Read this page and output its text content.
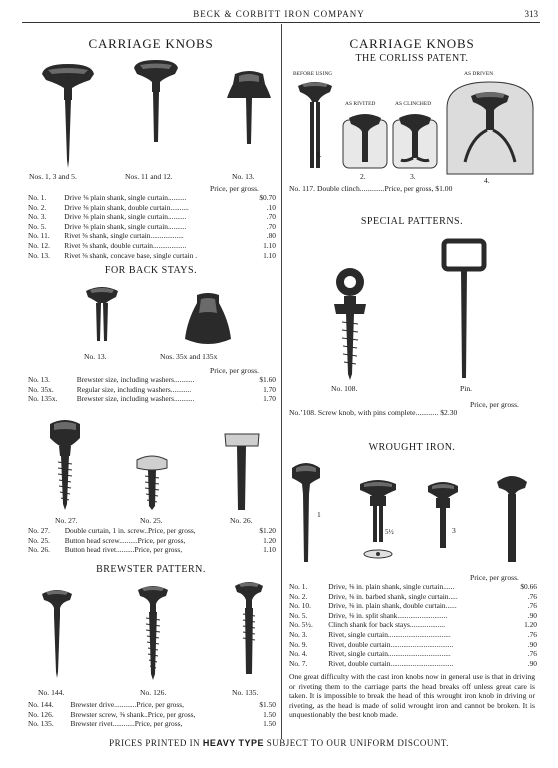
BECK & CORBITT IRON COMPANY	313
CARRIAGE KNOBS
Nos. 1, 3 and 5.	Nos. 11 and 12.	No. 13.
Price, per gross.
No. 1.	Drive ⅜ plain shank, single curtain..........	$0.70
No. 2.	Drive ⅜ plain shank, double curtain..........	.10
No. 3.	Drive ⅜ plain shank, single curtain..........	.70
No. 5.	Drive ⅜ plain shank, single curtain..........	.70
No. 11.	Rivet ⅜ shank, single curtain..................	.80
No. 12.	Rivet ⅜ shank, double curtain..................	1.10
No. 13.	Rivet ⅜ shank, concave base, single curtain .	1.10
FOR BACK STAYS.
No. 13.	Nos. 35x and 135x
Price, per gross.
No. 13.	Brewster size, including washers...........	$1.60
No. 35x.	Regular size, including washers...........	1.70
No. 135x.	Brewster size, including washers...........	1.70
No. 27.	No. 25.	No. 26.
No. 27.	Double curtain, 1 in. screw..Price, per gross,	$1.20
No. 25.	Button head screw..........Price, per gross,	1.20
No. 26.	Button head rivet..........Price, per gross,	1.10
BREWSTER PATTERN.
No. 144.	No. 126.	No. 135.
No. 144.	Brewster drive............Price, per gross,	$1.50
No. 126.	Brewster screw, ⅜ shank..Price, per gross,	1.50
No. 135.	Brewster rivet............Price, per gross,	1.50
CARRIAGE KNOBS
THE CORLISS PATENT.
BEFORE USING
AS RIVITED	AS CLINCHED
AS DRIVEN
1.
2.	3.	4.
No. 117. Double clinch.............Price, per gross, $1.00
SPECIAL PATTERNS.
No. 108.	Pin.
Price, per gross.
No.’108. Screw knob, with pins complete............ $2.30
WROUGHT IRON.
1
5½	3
4
Price, per gross.
No. 1.	Drive, ⅜ in. plain shank, single curtain......	$0.66
No. 2.	Drive, ⅜ in. barbed shank, single curtain.....	.76
No. 10.	Drive, ⅜ in. plain shank, double curtain......	.76
No. 5.	Drive, ⅜ in. split shank...........................	.90
No. 5½.	Clinch shank for back stays...................	1.20
No. 3.	Rivet, single curtain..................................	.76
No. 9.	Rivet, double curtain..................................	.90
No. 4.	Rivet, single curtain..................................	.76
No. 7.	Rivet, double curtain..................................	.90
One great difficulty with the cast iron knobs now in general use is that in driving or riveting them to the carriage parts the head breaks off unless great care is taken. It is impossible to break the head of this wrought iron knob in driving or riveting, as the head is made of solid wrought iron and cannot be broken. It is unquestionably the best knob made.
PRICES PRINTED IN HEAVY TYPE SUBJECT TO OUR UNIFORM DISCOUNT.
